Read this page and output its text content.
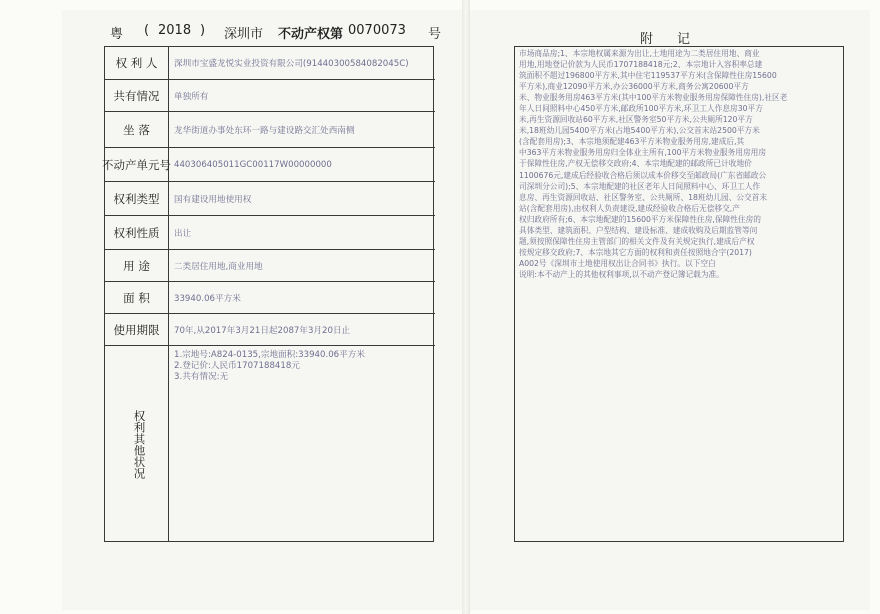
粤 ( 2018 ) 深圳市 不动产权第 0070073 号
权 利 人	深圳市宝盛龙悦实业投资有限公司(91440300584082045C)
共有情况	单独所有
坐 落	龙华街道办事处东环一路与建设路交汇处西南侧
不动产单元号 440306405011GC00117W00000000
权利类型	国有建设用地使用权
权利性质	出让
用 途	二类居住用地,商业用地
面 积	33940.06平方米
使用期限	70年,从2017年3月21日起2087年3月20日止
权利其他状况
1.宗地号:A824-0135,宗地面积:33940.06平方米
2.登记价:人民币1707188418元
3.共有情况:无
附记
市场商品房;1、本宗地权属来源为出让,土地用途为二类居住用地、商业
用地,用地登记价款为人民币1707188418元;2、本宗地计入容积率总建
筑面积不超过196800平方米,其中住宅119537平方米(含保障性住房15600
平方米),商业12090平方米,办公36000平方米,商务公寓20600平方
米、物业服务用房463平方米(其中100平方米物业服务用房保障性住房),社区老
年人日间照料中心450平方米,邮政所100平方米,环卫工人作息房30平方
米,再生资源回收站60平方米,社区警务室50平方米,公共厕所120平方
米,18班幼儿园5400平方米(占地5400平方米),公交首末站2500平方米
(含配套用房);3、本宗地须配建463平方米物业服务用房,建成后,其
中363平方米物业服务用房归全体业主所有,100平方米物业服务用房用房
于保障性住房,产权无偿移交政府;4、本宗地配建的邮政所已计收地价
1100676元,建成后经验收合格后须以成本价移交至邮政局(广东省邮政公
司深圳分公司);5、本宗地配建的社区老年人日间照料中心、环卫工人作
息房、再生资源回收站、社区警务室、公共厕所、18班幼儿园、公交首末
站(含配套用房),由权利人负责建设,建成经验收合格后无偿移交,产
权归政府所有;6、本宗地配建的15600平方米保障性住房,保障性住房的
具体类型、建筑面积、户型结构、建设标准、建成收购及后期监管等问
题,须按照保障性住房主管部门的相关文件及有关规定执行,建成后产权
按规定移交政府;7、本宗地其它方面的权利和责任按照地合字(2017)
A002号《深圳市土地使用权出让合同书》执行。以下空白
说明:本不动产上的其他权利事项,以不动产登记簿记载为准。
